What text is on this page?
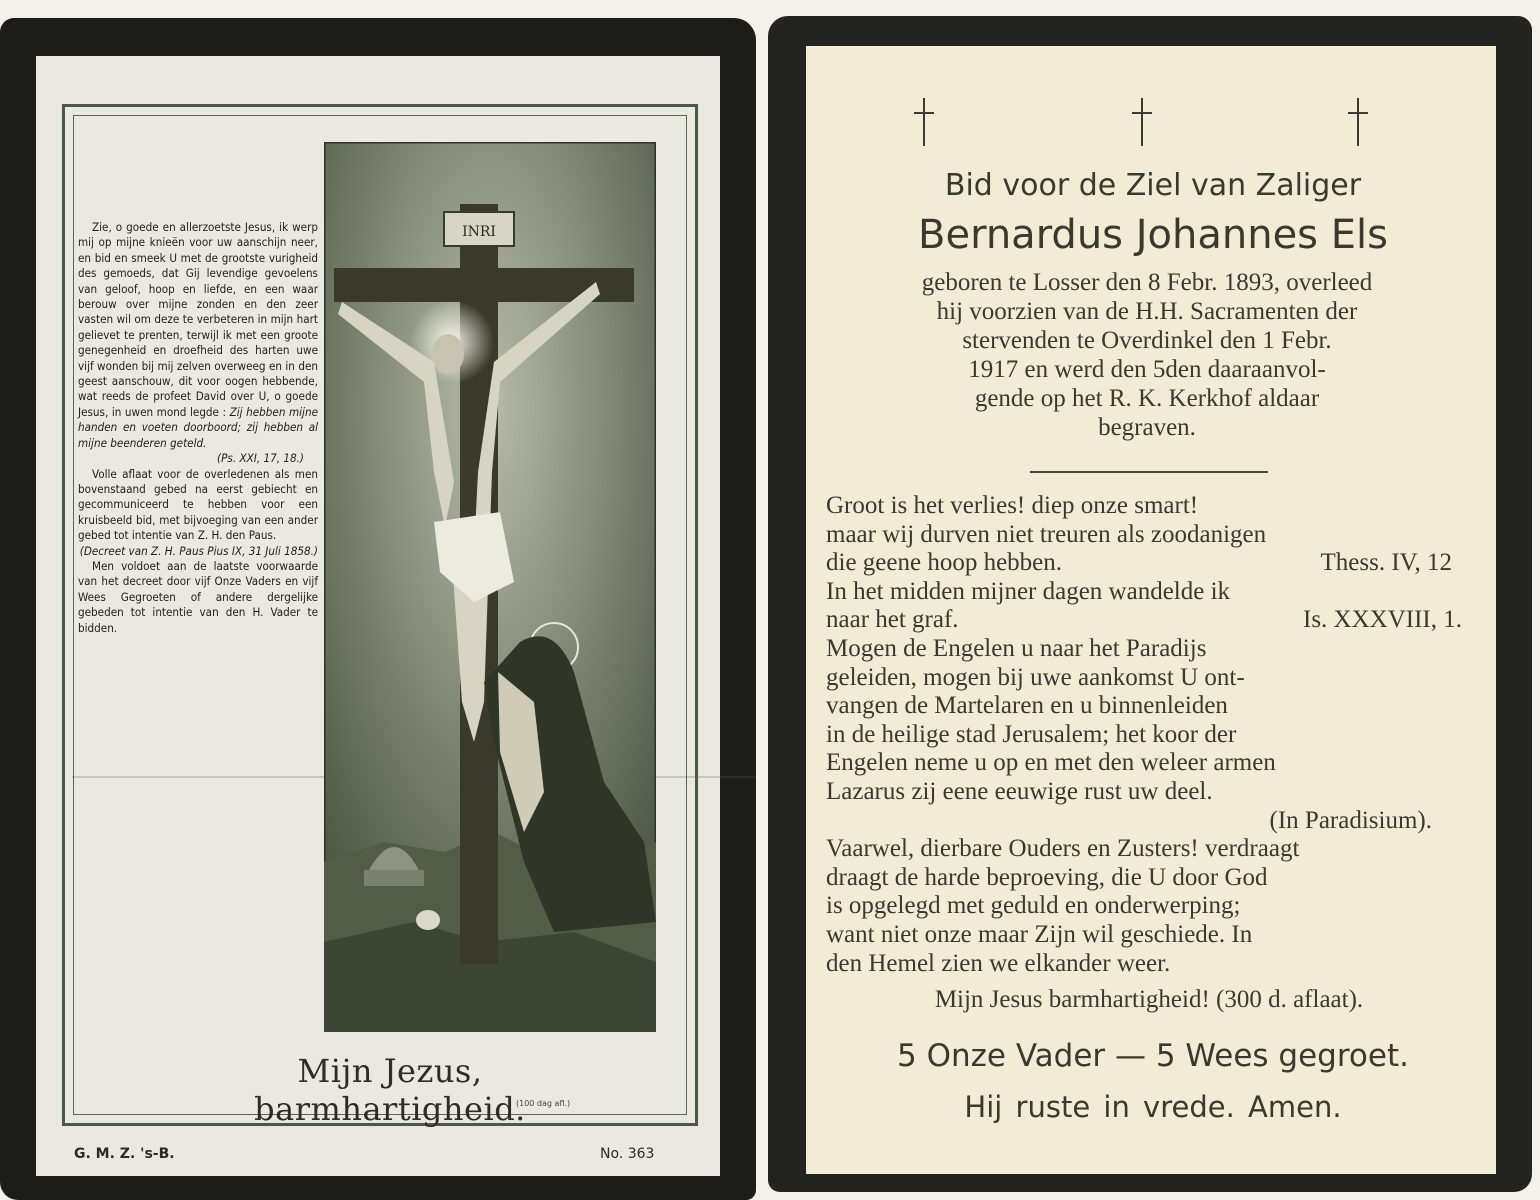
Zie, o goede en allerzoetste Jesus, ik werp mij op mijne knieën voor uw aanschijn neer, en bid en smeek U met de grootste vurigheid des gemoeds, dat Gij levendige gevoelens van geloof, hoop en liefde, en een waar berouw over mijne zonden en den zeer vasten wil om deze te verbeteren in mijn hart gelievet te prenten, terwijl ik met een groote genegenheid en droefheid des harten uwe vijf wonden bij mij zelven overweeg en in den geest aanschouw, dit voor oogen hebbende, wat reeds de profeet David over U, o goede Jesus, in uwen mond legde : Zij hebben mijne handen en voeten doorboord; zij hebben al mijne beenderen geteld.

(Ps. XXI, 17, 18.)

Volle aflaat voor de overledenen als men bovenstaand gebed na eerst gebiecht en gecommuniceerd te hebben voor een kruisbeeld bid, met bijvoeging van een ander gebed tot intentie van Z. H. den Paus.

(Decreet van Z. H. Paus Pius IX, 31 Juli 1858.)

Men voldoet aan de laatste voorwaarde van het decreet door vijf Onze Vaders en vijf Wees Gegroeten of andere dergelijke gebeden tot intentie van den H. Vader te bidden.

INRI
Mijn Jezus, barmhartigheid.
(100 dag afl.)
G. M. Z. 's-B.	No. 363
Bid voor de Ziel van Zaliger
Bernardus Johannes Els

geboren te Losser den 8 Febr. 1893, overleed

hij voorzien van de H.H. Sacramenten der

stervenden te Overdinkel den 1 Febr.

1917 en werd den 5den daaraanvol-

gende op het R. K. Kerkhof aldaar

begraven.

Groot is het verlies! diep onze smart!

maar wij durven niet treuren als zoodanigen

die geene hoop hebben.	Thess. IV, 12

In het midden mijner dagen wandelde ik

naar het graf.	Is. XXXVIII, 1.

Mogen de Engelen u naar het Paradijs

geleiden, mogen bij uwe aankomst U ont-

vangen de Martelaren en u binnenleiden

in de heilige stad Jerusalem; het koor der

Engelen neme u op en met den weleer armen

Lazarus zij eene eeuwige rust uw deel.

(In Paradisium).

Vaarwel, dierbare Ouders en Zusters! verdraagt

draagt de harde beproeving, die U door God

is opgelegd met geduld en onderwerping;

want niet onze maar Zijn wil geschiede. In

den Hemel zien we elkander weer.

Mijn Jesus barmhartigheid! (300 d. aflaat).

5 Onze Vader — 5 Wees gegroet.
Hij ruste in vrede. Amen.
